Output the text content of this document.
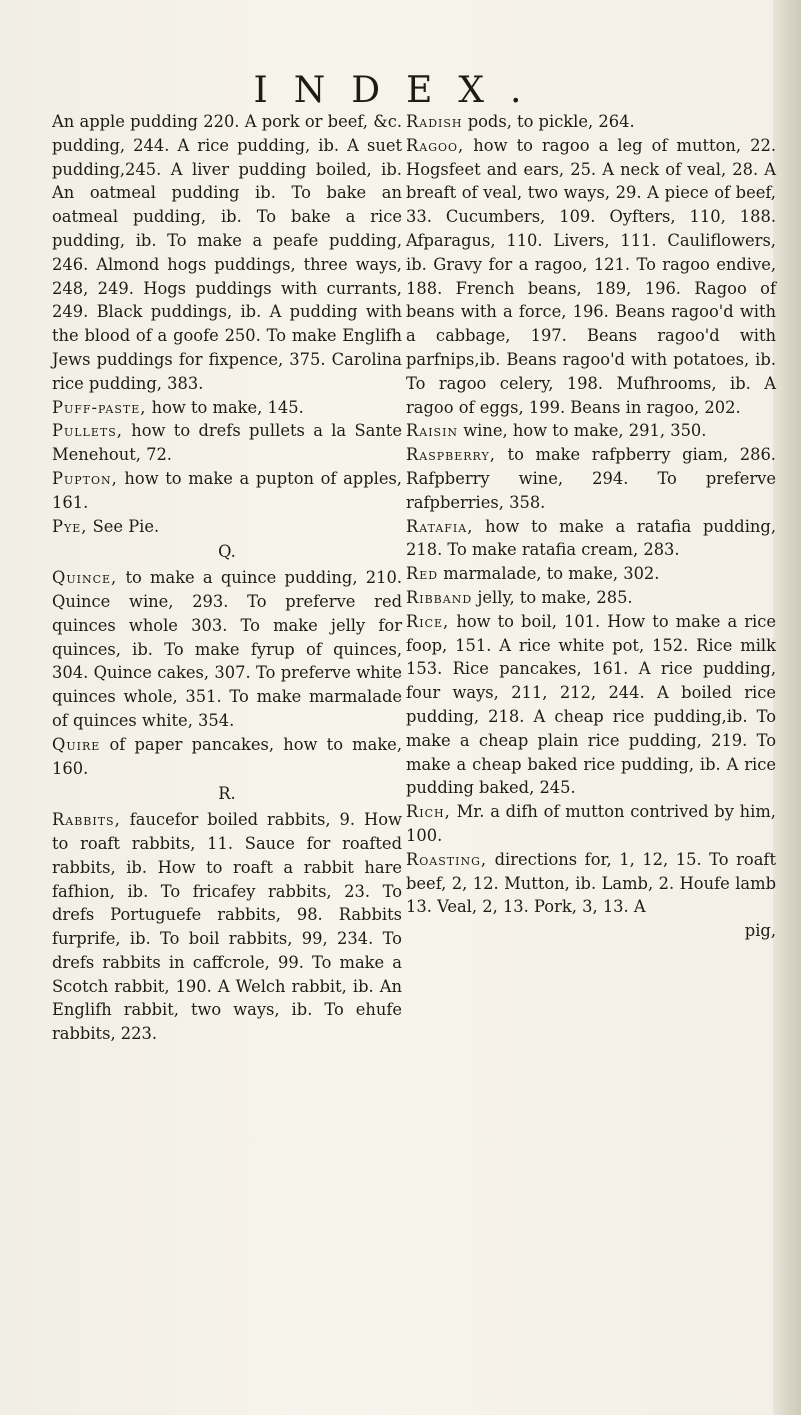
INDEX.

An apple pudding 220. A pork or beef, &c. pudding, 244. A rice pudding, ib. A suet pudding,245. A liver pudding boiled, ib. An oatmeal pudding ib. To bake an oatmeal pudding, ib. To bake a rice pudding, ib. To make a peafe pudding, 246. Almond hogs puddings, three ways, 248, 249. Hogs puddings with currants, 249. Black puddings, ib. A pudding with the blood of a goofe 250. To make Englifh Jews puddings for fixpence, 375. Carolina rice pudding, 383.

Puff-paste, how to make, 145.

Pullets, how to drefs pullets a la Sante Menehout, 72.

Pupton, how to make a pupton of apples, 161.

Pye, See Pie.

Q.

Quince, to make a quince pudding, 210. Quince wine, 293. To preferve red quinces whole 303. To make jelly for quinces, ib. To make fyrup of quinces, 304. Quince cakes, 307. To preferve white quinces whole, 351. To make marmalade of quinces white, 354.

Quire of paper pancakes, how to make, 160.

R.

Rabbits, faucefor boiled rabbits, 9. How to roaft rabbits, 11. Sauce for roafted rabbits, ib. How to roaft a rabbit hare fafhion, ib. To fricafey rabbits, 23. To drefs Portuguefe rabbits, 98. Rabbits furprife, ib. To boil rabbits, 99, 234. To drefs rabbits in caffcrole, 99. To make a Scotch rabbit, 190. A Welch rabbit, ib. An Englifh rabbit, two ways, ib. To ehufe rabbits, 223.

Radish pods, to pickle, 264.

Ragoo, how to ragoo a leg of mutton, 22. Hogsfeet and ears, 25. A neck of veal, 28. A breaft of veal, two ways, 29. A piece of beef, 33. Cucumbers, 109. Oyfters, 110, 188. Afparagus, 110. Livers, 111. Cauliflowers, ib. Gravy for a ragoo, 121. To ragoo endive, 188. French beans, 189, 196. Ragoo of beans with a force, 196. Beans ragoo'd with a cabbage, 197. Beans ragoo'd with parfnips,ib. Beans ragoo'd with potatoes, ib. To ragoo celery, 198. Mufhrooms, ib. A ragoo of eggs, 199. Beans in ragoo, 202.

Raisin wine, how to make, 291, 350.

Raspberry, to make rafpberry giam, 286. Rafpberry wine, 294. To preferve rafpberries, 358.

Ratafia, how to make a ratafia pudding, 218. To make ratafia cream, 283.

Red marmalade, to make, 302.

Ribband jelly, to make, 285.

Rice, how to boil, 101. How to make a rice foop, 151. A rice white pot, 152. Rice milk 153. Rice pancakes, 161. A rice pudding, four ways, 211, 212, 244. A boiled rice pudding, 218. A cheap rice pudding,ib. To make a cheap plain rice pudding, 219. To make a cheap baked rice pudding, ib. A rice pudding baked, 245.

Rich, Mr. a difh of mutton contrived by him, 100.

Roasting, directions for, 1, 12, 15. To roaft beef, 2, 12. Mutton, ib. Lamb, 2. Houfe lamb 13. Veal, 2, 13. Pork, 3, 13. A

pig,
